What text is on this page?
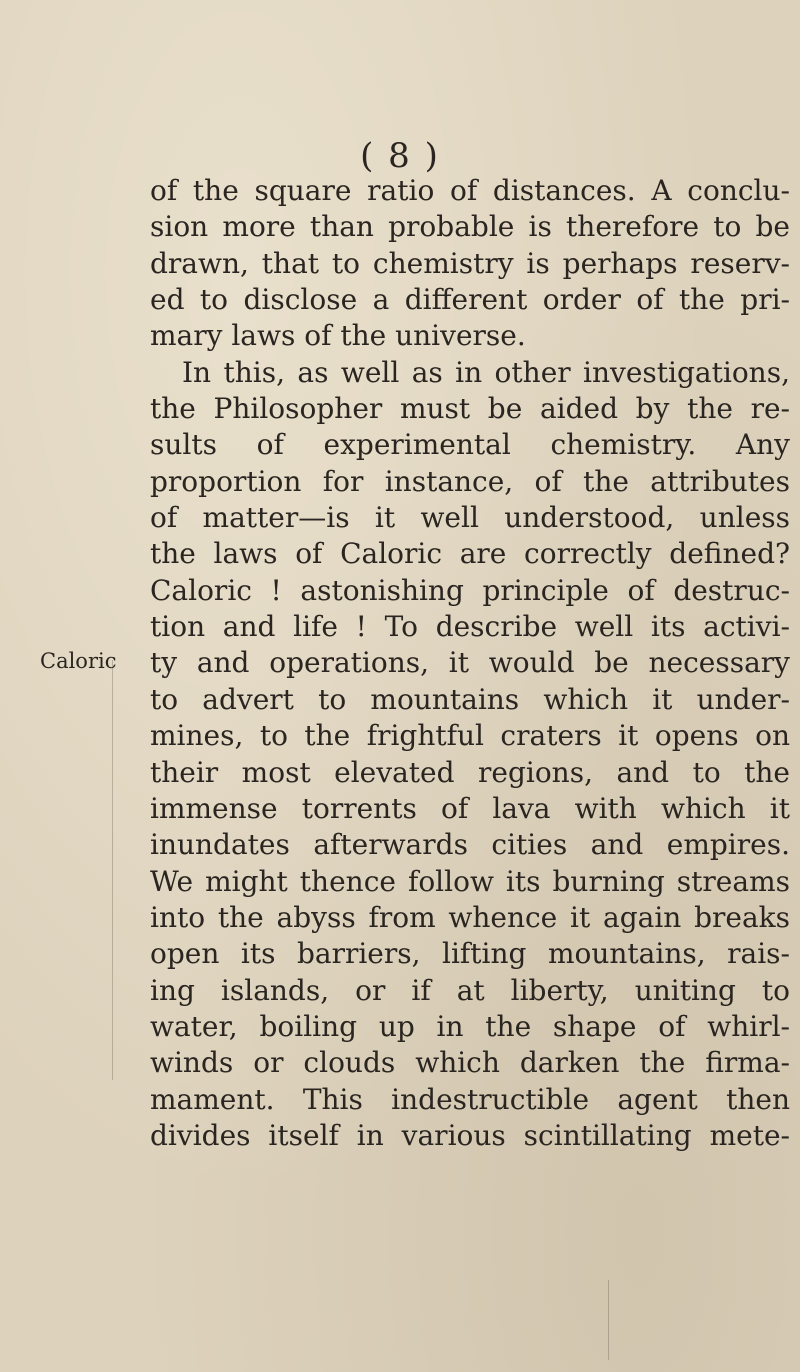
( 8 )
Caloric
of the square ratio of distances. A conclu-
sion more than probable is therefore to be
drawn, that to chemistry is perhaps reserv-
ed to disclose a different order of the pri-
mary laws of the universe.
In this, as well as in other investigations,
the Philosopher must be aided by the re-
sults of experimental chemistry. Any
proportion for instance, of the attributes
of matter—is it well understood, unless
the laws of Caloric are correctly defined?
Caloric ! astonishing principle of destruc-
tion and life ! To describe well its activi-
ty and operations, it would be necessary
to advert to mountains which it under-
mines, to the frightful craters it opens on
their most elevated regions, and to the
immense torrents of lava with which it
inundates afterwards cities and empires.
We might thence follow its burning streams
into the abyss from whence it again breaks
open its barriers, lifting mountains, rais-
ing islands, or if at liberty, uniting to
water, boiling up in the shape of whirl-
winds or clouds which darken the firma-
mament. This indestructible agent then
divides itself in various scintillating mete-
